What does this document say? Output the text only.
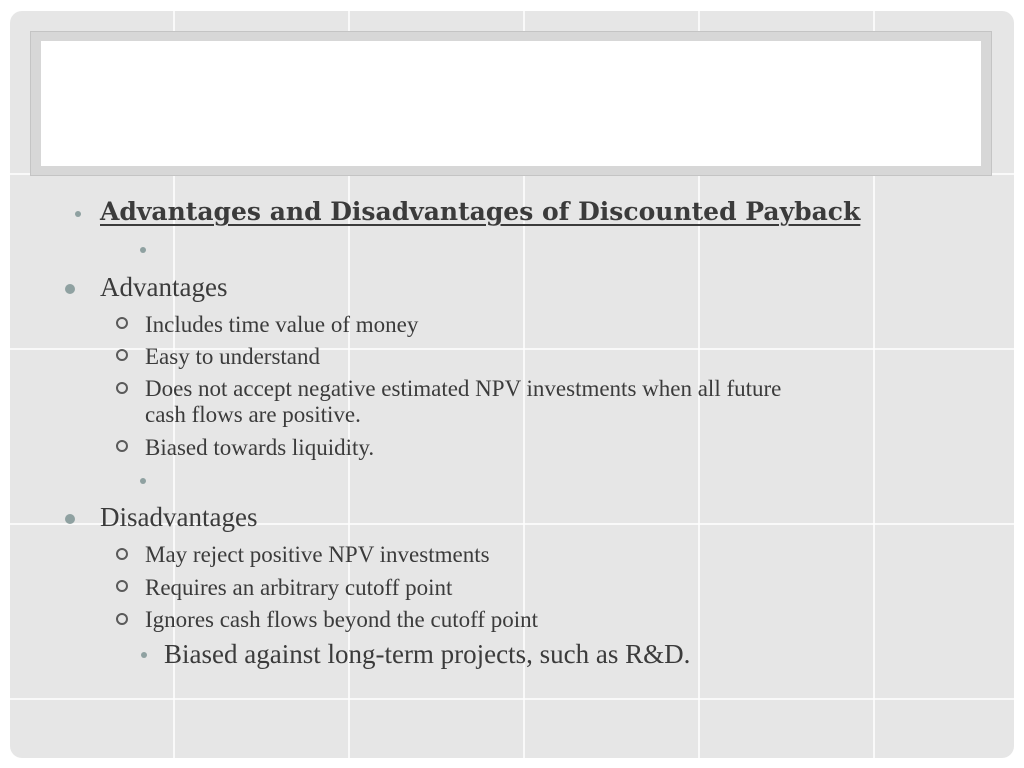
Advantages and Disadvantages of Discounted Payback
Advantages
Includes time value of money
Easy to understand
Does not accept negative estimated NPV investments when all future
cash flows are positive.
Biased towards liquidity.
Disadvantages
May reject positive NPV investments
Requires an arbitrary cutoff point
Ignores cash flows beyond the cutoff point
Biased against long-term projects, such as R&D.
